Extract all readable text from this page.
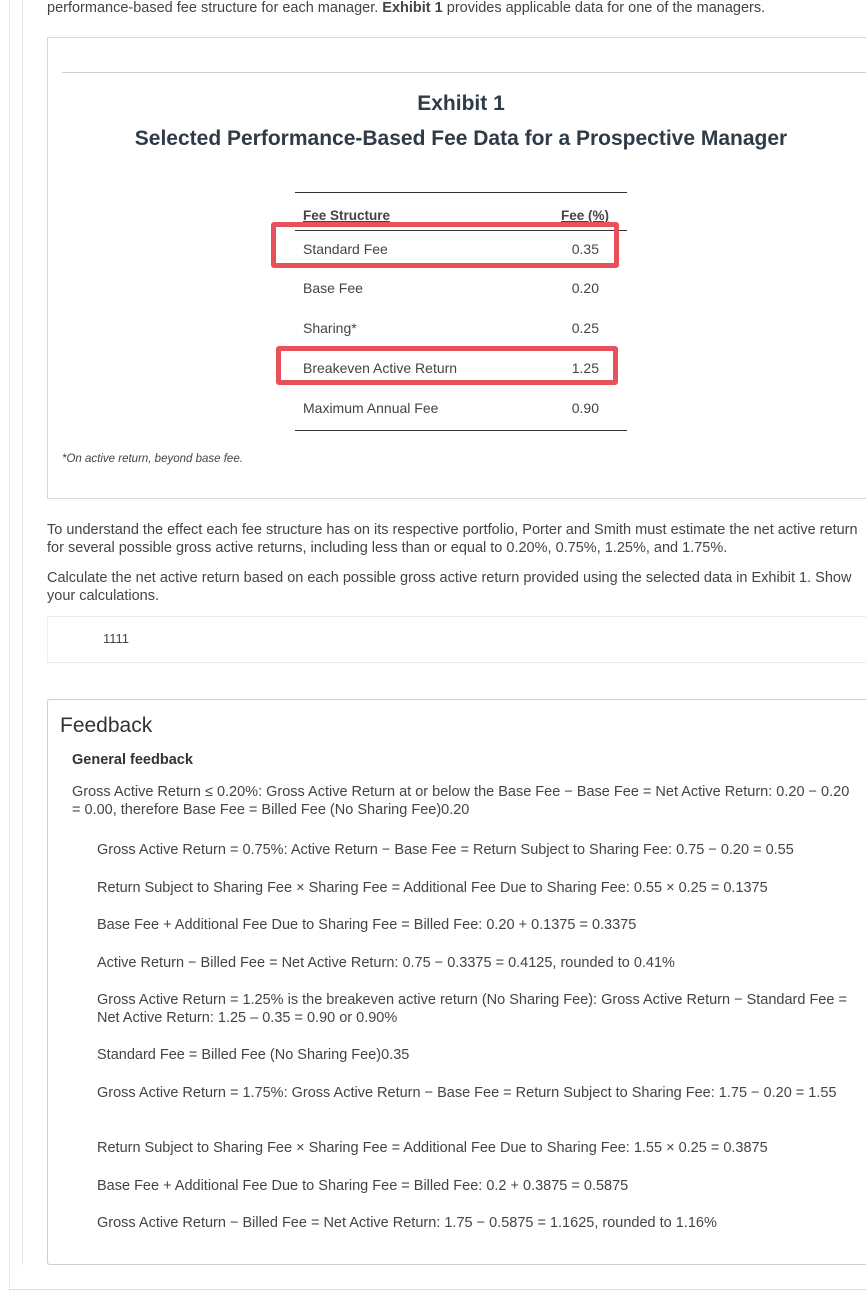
performance-based fee structure for each manager. Exhibit 1 provides applicable data for one of the managers.
Exhibit 1
Selected Performance-Based Fee Data for a Prospective Manager
Fee Structure	Fee (%)
Standard Fee	0.35
Base Fee	0.20
Sharing*	0.25
Breakeven Active Return	1.25
Maximum Annual Fee	0.90
*On active return, beyond base fee.
To understand the effect each fee structure has on its respective portfolio, Porter and Smith must estimate the net active return for several possible gross active returns, including less than or equal to 0.20%, 0.75%, 1.25%, and 1.75%.
Calculate the net active return based on each possible gross active return provided using the selected data in Exhibit 1. Show your calculations.
1111
Feedback
General feedback
Gross Active Return ≤ 0.20%: Gross Active Return at or below the Base Fee − Base Fee = Net Active Return: 0.20 − 0.20 = 0.00, therefore Base Fee = Billed Fee (No Sharing Fee)0.20
Gross Active Return = 0.75%: Active Return − Base Fee = Return Subject to Sharing Fee: 0.75 − 0.20 = 0.55
Return Subject to Sharing Fee × Sharing Fee = Additional Fee Due to Sharing Fee: 0.55 × 0.25 = 0.1375
Base Fee + Additional Fee Due to Sharing Fee = Billed Fee: 0.20 + 0.1375 = 0.3375
Active Return − Billed Fee = Net Active Return: 0.75 − 0.3375 = 0.4125, rounded to 0.41%
Gross Active Return = 1.25% is the breakeven active return (No Sharing Fee): Gross Active Return − Standard Fee = Net Active Return: 1.25 – 0.35 = 0.90 or 0.90%
Standard Fee = Billed Fee (No Sharing Fee)0.35
Gross Active Return = 1.75%: Gross Active Return − Base Fee = Return Subject to Sharing Fee: 1.75 − 0.20 = 1.55
Return Subject to Sharing Fee × Sharing Fee = Additional Fee Due to Sharing Fee: 1.55 × 0.25 = 0.3875
Base Fee + Additional Fee Due to Sharing Fee = Billed Fee: 0.2 + 0.3875 = 0.5875
Gross Active Return − Billed Fee = Net Active Return: 1.75 − 0.5875 = 1.1625, rounded to 1.16%
